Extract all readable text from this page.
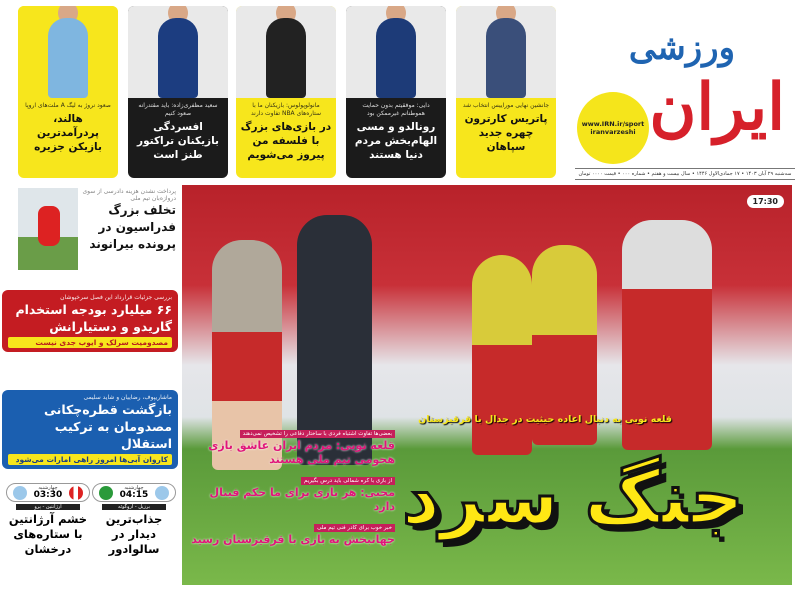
جانشین نهایی موراییس انتخاب شد
پاتریس کارترون چهره جدید سپاهان
دایی: موفقیتم بدون حمایت هموطنانم غیرممکن بود
رونالدو و مسی الهام‌بخش مردم دنیا هستند
مانولوپولوس: بازیکنان ما با ستاره‌های NBA تفاوت دارند
در بازی‌های بزرگ با فلسفه من پیروز می‌شویم
سعید مظفری‌زاده: باید مقتدرانه صعود کنیم
افسردگی بازیکنان تراکتور طنز است
صعود نروژ به لیگ A ملت‌های اروپا
هالند، پردرآمدترین بازیکن جزیره
ورزشی
ایران
www.IRN.ir/sport
iranvarzeshi
سه‌شنبه ۲۹ آبان ۱۴۰۳ • ۱۷ جمادی‌الاول ۱۴۴۶ • سال بیست و هفتم • شماره ۰۰۰ • قیمت ۰۰۰۰ تومان
17:30
قلعه نویی به دنبال اعاده حیثیت در جدال با قرقیزستان
جنگ سرد
بعضی‌ها تفاوت اشتباه فردی با ساختار دفاعی را تشخیص نمی‌دهند
قلعه نویی: مردم ایران عاشق بازی هجومی تیم ملی هستند
از بازی با کره شمالی باید درس بگیریم
محبی: هر بازی برای ما حکم فینال دارد
خبر خوب برای کادر فنی تیم ملی
جهانبخش به بازی با قرقیزستان رسید
پرداخت نشدن هزینه دادرسی از سوی دروازه‌بان تیم ملی
تخلف بزرگ فدراسیون در پرونده بیرانوند
بررسی جزئیات قرارداد این فصل سرخپوشان
۶۶ میلیارد بودجه استخدام گاریدو و دستیارانش
مصدومیت سرلک و ایوب جدی نیست
ماشاریپوف، رضاییان و شاید سلیمی
بازگشت قطره‌چکانی مصدومان به ترکیب استقلال
کاروان آبی‌ها امروز راهی امارات می‌شود
چهارشنبه
04:15
برزیل - اروگوئه
جذاب‌ترین دیدار در سالوادور
چهارشنبه
03:30
آرژانتین - پرو
خشم آرژانتین با ستاره‌های درخشان
